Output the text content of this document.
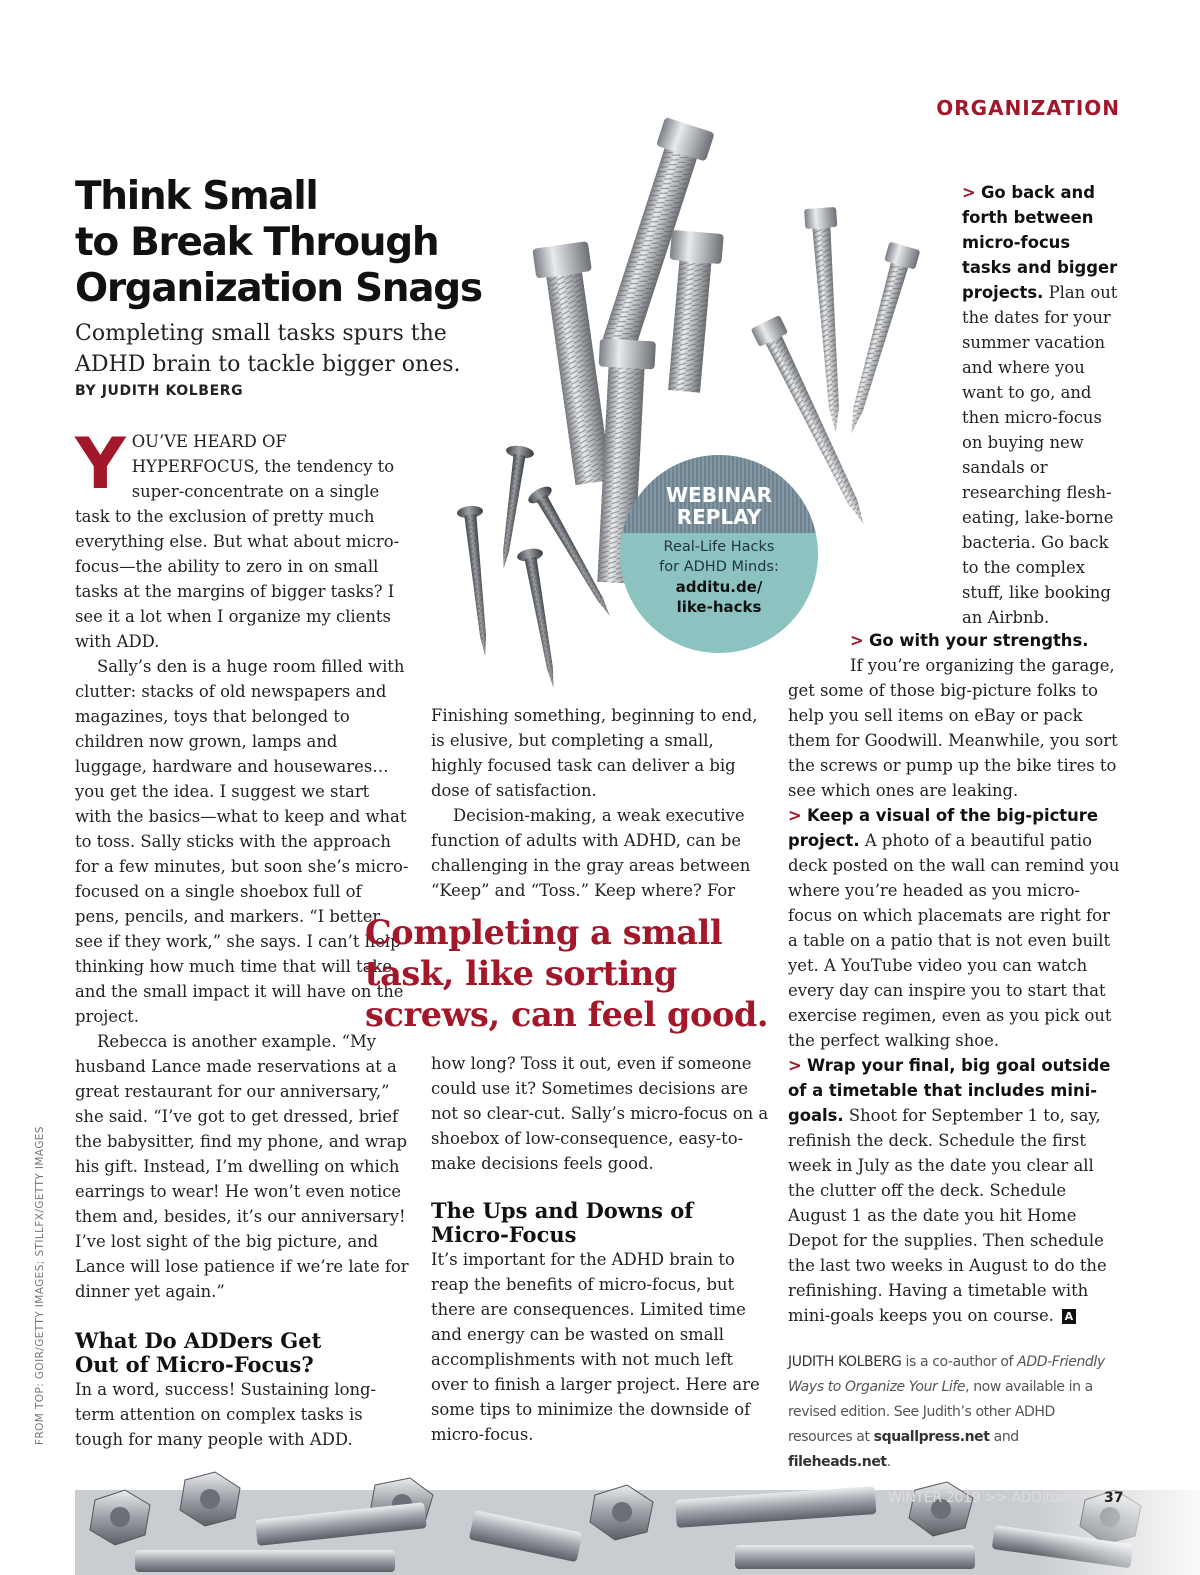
ORGANIZATION
Think Small
to Break Through
Organization Snags
Completing small tasks spurs the ADHD brain to tackle bigger ones.
BY JUDITH KOLBERG

YOU’VE HEARD OF HYPERFOCUS, the tendency to super-concentrate on a single task to the exclusion of pretty much everything else. But what about micro-focus—the ability to zero in on small tasks at the margins of bigger tasks? I see it a lot when I organize my clients with ADD.

Sally’s den is a huge room filled with clutter: stacks of old newspapers and magazines, toys that belonged to children now grown, lamps and luggage, hardware and housewares… you get the idea. I suggest we start with the basics—what to keep and what to toss. Sally sticks with the approach for a few minutes, but soon she’s micro-focused on a single shoebox full of pens, pencils, and markers. “I better see if they work,” she says. I can’t help thinking how much time that will take, and the small impact it will have on the project.

Rebecca is another example. “My husband Lance made reservations at a great restaurant for our anniversary,” she said. “I’ve got to get dressed, brief the babysitter, find my phone, and wrap his gift. Instead, I’m dwelling on which earrings to wear! He won’t even notice them and, besides, it’s our anniversary! I’ve lost sight of the big picture, and Lance will lose patience if we’re late for dinner yet again.”

What Do ADDers Get Out of Micro-Focus?

In a word, success! Sustaining long-term attention on complex tasks is tough for many people with ADD.

Finishing something, beginning to end, is elusive, but completing a small, highly focused task can deliver a big dose of satisfaction.

Decision-making, a weak executive function of adults with ADHD, can be challenging in the gray areas between “Keep” and “Toss.” Keep where? For

Completing a small task, like sorting screws, can feel good.

how long? Toss it out, even if someone could use it? Sometimes decisions are not so clear-cut. Sally’s micro-focus on a shoebox of low-consequence, easy-to-make decisions feels good.

The Ups and Downs of Micro-Focus

It’s important for the ADHD brain to reap the benefits of micro-focus, but there are consequences. Limited time and energy can be wasted on small accomplishments with not much left over to finish a larger project. Here are some tips to minimize the downside of micro-focus.

WEBINAR
REPLAY
Real-Life Hacks
for ADHD Minds:
additu.de/
like-hacks
> Go back and forth between micro-focus tasks and bigger projects. Plan out the dates for your summer vacation and where you want to go, and then micro-focus on buying new sandals or researching flesh-eating, lake-borne bacteria. Go back to the complex stuff, like booking an Airbnb.
> Go with your strengths.
If you’re organizing the garage, get some of those big-picture folks to help you sell items on eBay or pack them for Goodwill. Meanwhile, you sort the screws or pump up the bike tires to see which ones are leaking.
> Keep a visual of the big-picture project. A photo of a beautiful patio deck posted on the wall can remind you where you’re headed as you micro-focus on which placemats are right for a table on a patio that is not even built yet. A YouTube video you can watch every day can inspire you to start that exercise regimen, even as you pick out the perfect walking shoe.
> Wrap your final, big goal outside of a timetable that includes mini-goals. Shoot for September 1 to, say, refinish the deck. Schedule the first week in July as the date you clear all the clutter off the deck. Schedule August 1 as the date you hit Home Depot for the supplies. Then schedule the last two weeks in August to do the refinishing. Having a timetable with mini-goals keeps you on course. A
JUDITH KOLBERG is a co-author of ADD-Friendly Ways to Organize Your Life, now available in a revised edition. See Judith’s other ADHD resources at squallpress.net and
FROM TOP: GOIR/GETTY IMAGES; STILLFX/GETTY IMAGES
WINTER 2019 >> ADDitude 37
